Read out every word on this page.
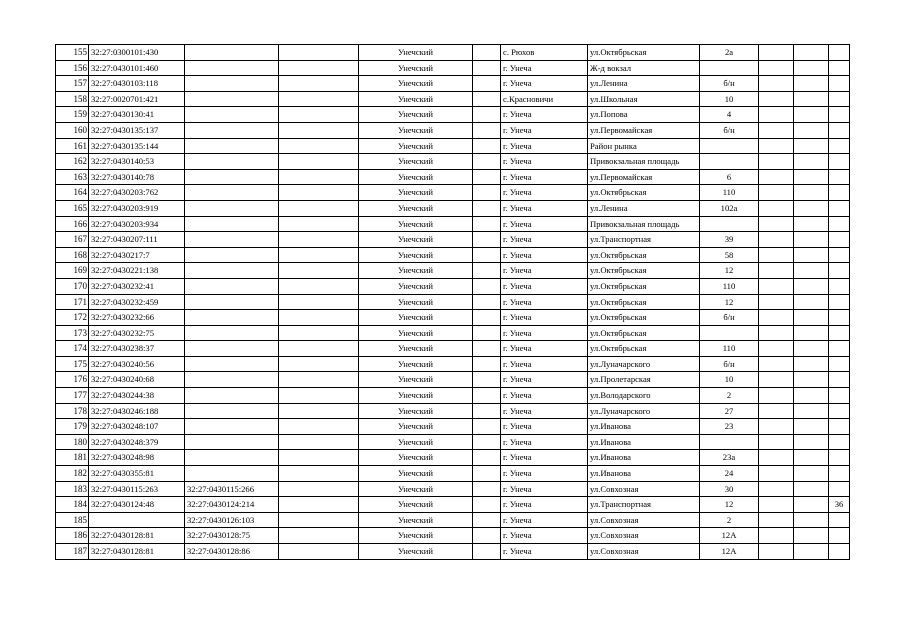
155	32:27:0300101:430			Унечский		с. Рюхов	ул.Октябрьская	2а			
156	32:27:0430101:460			Унечский		г. Унеча	Ж-д вокзал				
157	32:27:0430103:118			Унечский		г. Унеча	ул.Ленина	б/н			
158	32:27:0020701:421			Унечский		с.Красновичи	ул.Школьная	10			
159	32:27:0430130:41			Унечский		г. Унеча	ул.Попова	4			
160	32:27:0430135:137			Унечский		г. Унеча	ул.Первомайская	б/н			
161	32:27:0430135:144			Унечский		г. Унеча	Район рынка				
162	32:27:0430140:53			Унечский		г. Унеча	Привокзальная площадь				
163	32:27:0430140:78			Унечский		г. Унеча	ул.Первомайская	6			
164	32:27:0430203:762			Унечский		г. Унеча	ул.Октябрьская	110			
165	32:27:0430203:919			Унечский		г. Унеча	ул.Ленина	102а			
166	32:27:0430203:934			Унечский		г. Унеча	Привокзальная площадь				
167	32:27:0430207:111			Унечский		г. Унеча	ул.Транспортная	39			
168	32:27:0430217:7			Унечский		г. Унеча	ул.Октябрьская	58			
169	32:27:0430221:138			Унечский		г. Унеча	ул.Октябрьская	12			
170	32:27:0430232:41			Унечский		г. Унеча	ул.Октябрьская	110			
171	32:27:0430232:459			Унечский		г. Унеча	ул.Октябрьская	12			
172	32:27:0430232:66			Унечский		г. Унеча	ул.Октябрьская	б/н			
173	32:27:0430232:75			Унечский		г. Унеча	ул.Октябрьская				
174	32:27:0430238:37			Унечский		г. Унеча	ул.Октябрьская	110			
175	32:27:0430240:56			Унечский		г. Унеча	ул.Луначарского	б/н			
176	32:27:0430240:68			Унечский		г. Унеча	ул.Пролетарская	10			
177	32:27:0430244:38			Унечский		г. Унеча	ул.Володарского	2			
178	32:27:0430246:188			Унечский		г. Унеча	ул.Луначарского	27			
179	32:27:0430248:107			Унечский		г. Унеча	ул.Иванова	23			
180	32:27:0430248:379			Унечский		г. Унеча	ул.Иванова				
181	32:27:0430248:98			Унечский		г. Унеча	ул.Иванова	23а			
182	32:27:0430355:81			Унечский		г. Унеча	ул.Иванова	24			
183	32:27:0430115:263	32:27:0430115:266		Унечский		г. Унеча	ул.Совхозная	30			
184	32:27:0430124:48	32:27:0430124:214		Унечский		г. Унеча	ул.Транспортная	12			36
185		32:27:0430126:103		Унечский		г. Унеча	ул.Совхозная	2			
186	32:27:0430128:81	32:27:0430128:75		Унечский		г. Унеча	ул.Совхозная	12А			
187	32:27:0430128:81	32:27:0430128:86		Унечский		г. Унеча	ул.Совхозная	12А			
